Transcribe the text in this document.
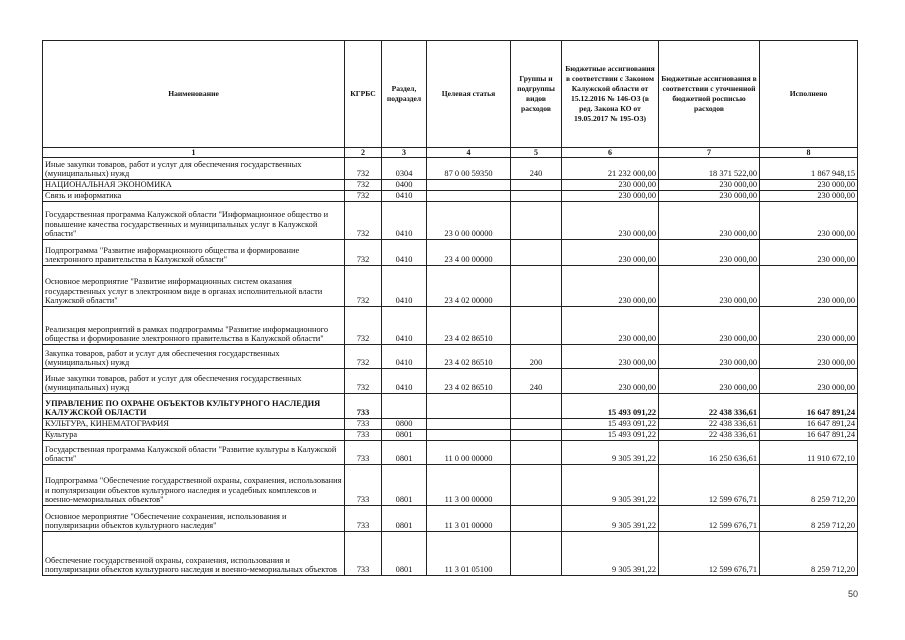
Наименование	КГРБС	Раздел, подраздел	Целевая статья	Группы и подгруппы видов расходов	Бюджетные ассигнования в соответствии с Законом Калужской области от 15.12.2016 № 146-ОЗ (в ред. Закона КО от 19.05.2017 № 195-ОЗ)	Бюджетные ассигнования в соответствии с уточненной бюджетной росписью расходов	Исполнено
1	2	3	4	5	6	7	8
Иные закупки товаров, работ и услуг для обеспечения государственных (муниципальных) нужд	732	0304	87 0 00 59350	240	21 232 000,00	18 371 522,00	1 867 948,15
НАЦИОНАЛЬНАЯ ЭКОНОМИКА	732	0400			230 000,00	230 000,00	230 000,00
Связь и информатика	732	0410			230 000,00	230 000,00	230 000,00
Государственная программа Калужской области "Информационное общество и повышение качества государственных и муниципальных услуг в Калужской области"	732	0410	23 0 00 00000		230 000,00	230 000,00	230 000,00
Подпрограмма "Развитие информационного общества и формирование электронного правительства в Калужской области"	732	0410	23 4 00 00000		230 000,00	230 000,00	230 000,00
Основное мероприятие "Развитие информационных систем оказания государственных услуг в электронном виде в органах исполнительной власти Калужской области"	732	0410	23 4 02 00000		230 000,00	230 000,00	230 000,00
Реализация мероприятий в рамках подпрограммы "Развитие информационного общества и формирование электронного правительства в Калужской области"	732	0410	23 4 02 86510		230 000,00	230 000,00	230 000,00
Закупка товаров, работ и услуг для обеспечения государственных (муниципальных) нужд	732	0410	23 4 02 86510	200	230 000,00	230 000,00	230 000,00
Иные закупки товаров, работ и услуг для обеспечения государственных (муниципальных) нужд	732	0410	23 4 02 86510	240	230 000,00	230 000,00	230 000,00
УПРАВЛЕНИЕ ПО ОХРАНЕ ОБЪЕКТОВ КУЛЬТУРНОГО НАСЛЕДИЯ КАЛУЖСКОЙ ОБЛАСТИ	733				15 493 091,22	22 438 336,61	16 647 891,24
КУЛЬТУРА, КИНЕМАТОГРАФИЯ	733	0800			15 493 091,22	22 438 336,61	16 647 891,24
Культура	733	0801			15 493 091,22	22 438 336,61	16 647 891,24
Государственная программа Калужской области "Развитие культуры в Калужской области"	733	0801	11 0 00 00000		9 305 391,22	16 250 636,61	11 910 672,10
Подпрограмма "Обеспечение государственной охраны, сохранения, использования и популяризации объектов культурного наследия и усадебных комплексов и военно-мемориальных объектов"	733	0801	11 3 00 00000		9 305 391,22	12 599 676,71	8 259 712,20
Основное мероприятие "Обеспечение сохранения, использования и популяризации объектов культурного наследия"	733	0801	11 3 01 00000		9 305 391,22	12 599 676,71	8 259 712,20
Обеспечение государственной охраны, сохранения, использования и популяризации объектов культурного наследия и военно-мемориальных объектов	733	0801	11 3 01 05100		9 305 391,22	12 599 676,71	8 259 712,20
50
